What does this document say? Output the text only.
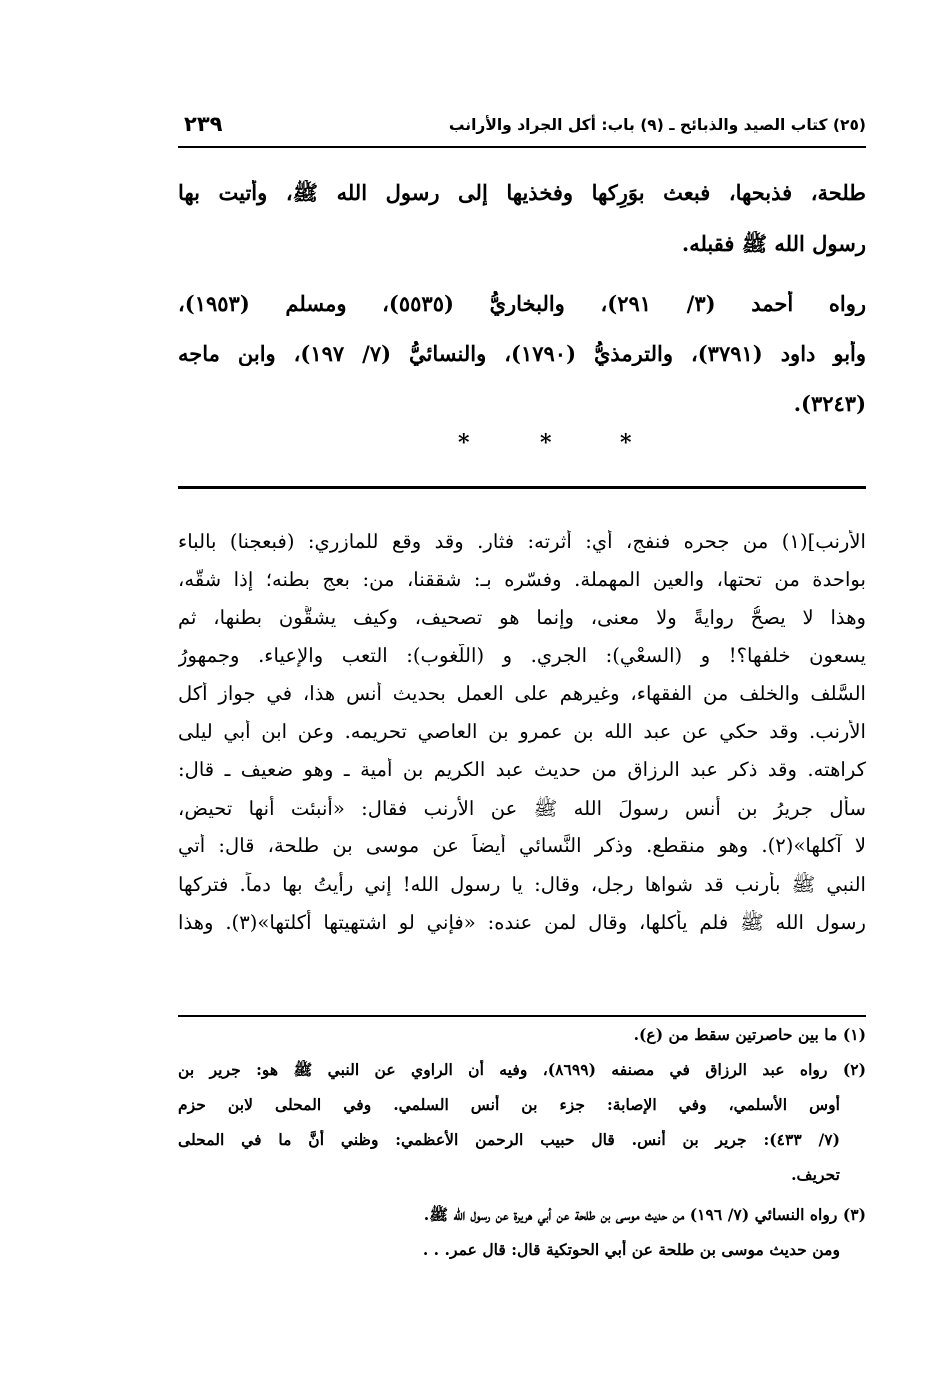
(٢٥) كتاب الصيد والذبائح ـ (٩) باب: أكل الجراد والأرانب
٢٣٩
طلحة، فذبحها، فبعث بوَرِكها وفخذيها إلى رسول الله ﷺ، وأتيت بها
رسول الله ﷺ فقبله.
رواه أحمد (٣/ ٢٩١)، والبخاريُّ (٥٥٣٥)، ومسلم (١٩٥٣)،
وأبو داود (٣٧٩١)، والترمذيُّ (١٧٩٠)، والنسائيُّ (٧/ ١٩٧)، وابن ماجه
(٣٢٤٣).
*
*
*
الأرنب](١) من جحره فنفج، أي: أثرته: فثار. وقد وقع للمازري: (فبعجنا) بالباء
بواحدة من تحتها، والعين المهملة. وفسّره بـ: شققنا، من: بعج بطنه؛ إذا شقّه،
وهذا لا يصحُّ روايةً ولا معنى، وإنما هو تصحيف، وكيف يشقُّون بطنها، ثم
يسعون خلفها؟! و (السعْي): الجري. و (اللُّغوب): التعب والإعياء. وجمهورُ
السَّلف والخلف من الفقهاء، وغيرهم على العمل بحديث أنس هذا، في جواز أكل
الأرنب. وقد حكي عن عبد الله بن عمرو بن العاصي تحريمه. وعن ابن أبي ليلى
كراهته. وقد ذكر عبد الرزاق من حديث عبد الكريم بن أمية ـ وهو ضعيف ـ قال:
سأل جريرُ بن أنس رسولَ الله ﷺ عن الأرنب فقال: «أنبئت أنها تحيض،
لا آكلها»(٢). وهو منقطع. وذكر النَّسائي أيضاً عن موسى بن طلحة، قال: أُتي
النبي ﷺ بأرنب قد شواها رجل، وقال: يا رسول الله! إني رأيتُ بها دماً. فتركها
رسول الله ﷺ فلم يأكلها، وقال لمن عنده: «فإني لو اشتهيتها أكلتها»(٣). وهذا
(١) ما بين حاصرتين سقط من (ع).
(٢) رواه عبد الرزاق في مصنفه (٨٦٩٩)، وفيه أن الراوي عن النبي ﷺ هو: جرير بن
أوس الأسلمي، وفي الإصابة: جزء بن أنس السلمي. وفي المحلى لابن حزم
(٧/ ٤٣٣): جرير بن أنس. قال حبيب الرحمن الأعظمي: وظني أنَّ ما في المحلى
تحريف.
(٣) رواه النسائي (٧/ ١٩٦) من حديث موسى بن طلحة عن أبي هريرة عن رسول الله ﷺ.
ومن حديث موسى بن طلحة عن أبي الحوتكية قال: قال عمر. . .
